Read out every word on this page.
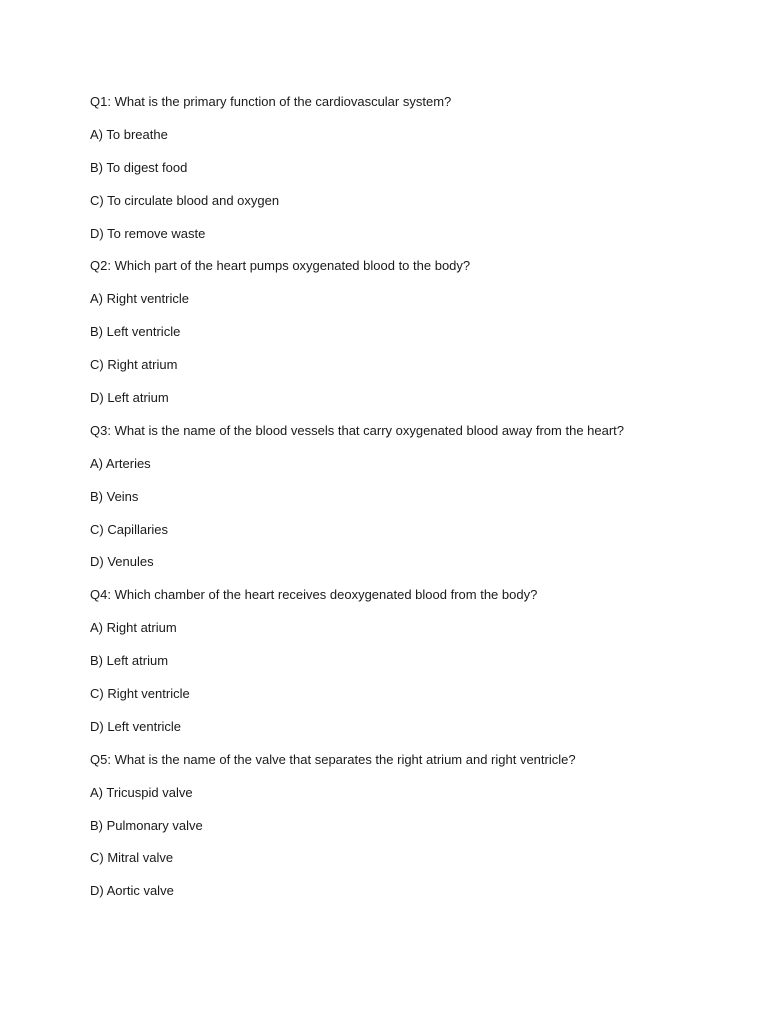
Q1: What is the primary function of the cardiovascular system?
A) To breathe
B) To digest food
C) To circulate blood and oxygen
D) To remove waste
Q2: Which part of the heart pumps oxygenated blood to the body?
A) Right ventricle
B) Left ventricle
C) Right atrium
D) Left atrium
Q3: What is the name of the blood vessels that carry oxygenated blood away from the heart?
A) Arteries
B) Veins
C) Capillaries
D) Venules
Q4: Which chamber of the heart receives deoxygenated blood from the body?
A) Right atrium
B) Left atrium
C) Right ventricle
D) Left ventricle
Q5: What is the name of the valve that separates the right atrium and right ventricle?
A) Tricuspid valve
B) Pulmonary valve
C) Mitral valve
D) Aortic valve
